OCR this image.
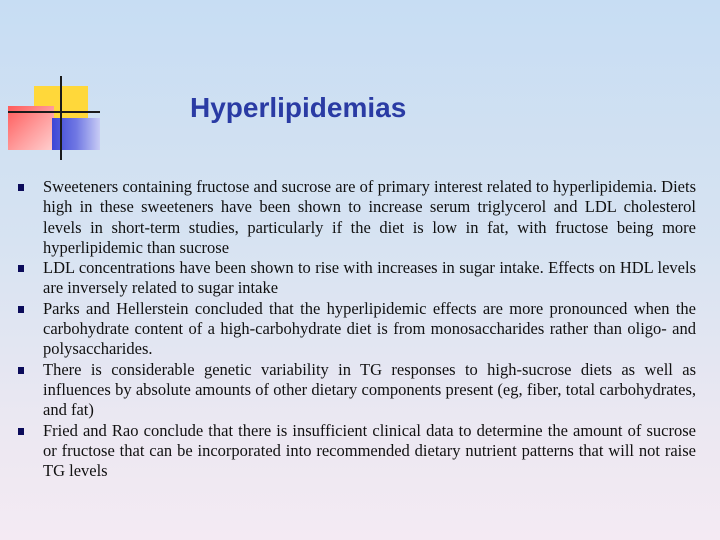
Hyperlipidemias
Sweeteners containing fructose and sucrose are of primary interest related to hyperlipidemia. Diets high in these sweeteners have been shown to increase serum triglycerol and LDL cholesterol levels in short-term studies, particularly if the diet is low in fat, with fructose being more hyperlipidemic than sucrose
LDL concentrations have been shown to rise with increases in sugar intake. Effects on HDL levels are inversely related to sugar intake
Parks and Hellerstein concluded that the hyperlipidemic effects are more pronounced when the carbohydrate content of a high-carbohydrate diet is from monosaccharides rather than oligo- and polysaccharides.
There is considerable genetic variability in TG responses to high-sucrose diets as well as influences by absolute amounts of other dietary components present (eg, fiber, total carbohydrates, and fat)
Fried and Rao conclude that there is insufficient clinical data to determine the amount of sucrose or fructose that can be incorporated into recommended dietary nutrient patterns that will not raise TG levels
